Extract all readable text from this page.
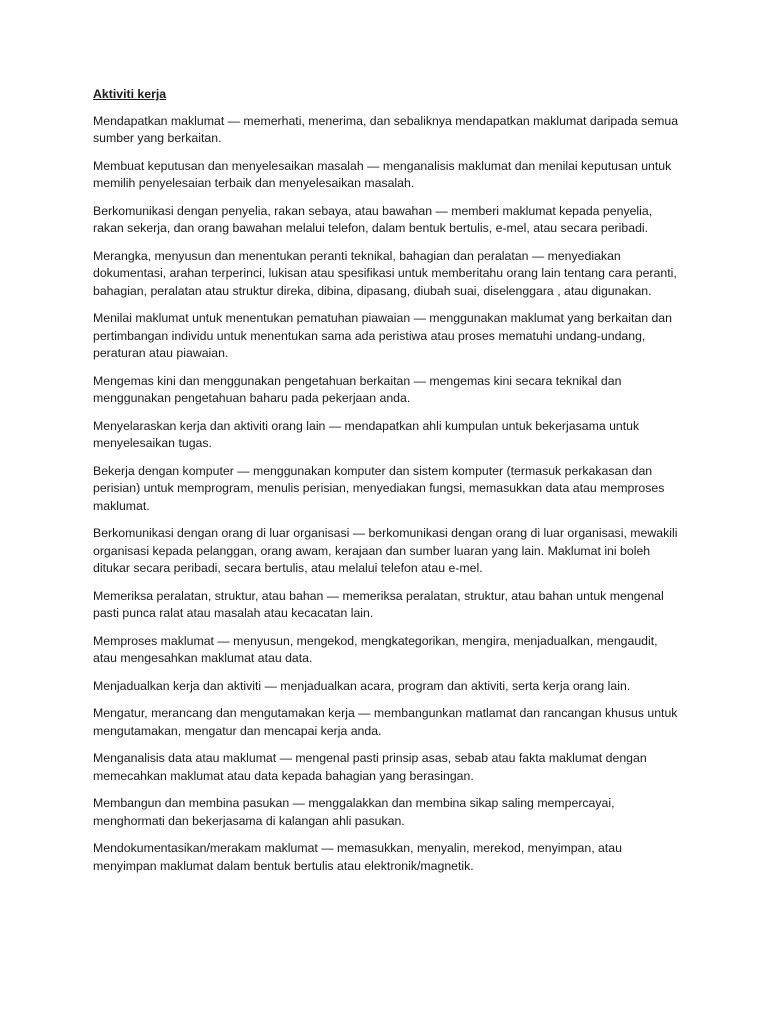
Aktiviti kerja

Mendapatkan maklumat — memerhati, menerima, dan sebaliknya mendapatkan maklumat daripada semua sumber yang berkaitan.

Membuat keputusan dan menyelesaikan masalah — menganalisis maklumat dan menilai keputusan untuk memilih penyelesaian terbaik dan menyelesaikan masalah.

Berkomunikasi dengan penyelia, rakan sebaya, atau bawahan — memberi maklumat kepada penyelia, rakan sekerja, dan orang bawahan melalui telefon, dalam bentuk bertulis, e-mel, atau secara peribadi.

Merangka, menyusun dan menentukan peranti teknikal, bahagian dan peralatan — menyediakan dokumentasi, arahan terperinci, lukisan atau spesifikasi untuk memberitahu orang lain tentang cara peranti, bahagian, peralatan atau struktur direka, dibina, dipasang, diubah suai, diselenggara , atau digunakan.

Menilai maklumat untuk menentukan pematuhan piawaian — menggunakan maklumat yang berkaitan dan pertimbangan individu untuk menentukan sama ada peristiwa atau proses mematuhi undang-undang, peraturan atau piawaian.

Mengemas kini dan menggunakan pengetahuan berkaitan — mengemas kini secara teknikal dan menggunakan pengetahuan baharu pada pekerjaan anda.

Menyelaraskan kerja dan aktiviti orang lain — mendapatkan ahli kumpulan untuk bekerjasama untuk menyelesaikan tugas.

Bekerja dengan komputer — menggunakan komputer dan sistem komputer (termasuk perkakasan dan perisian) untuk memprogram, menulis perisian, menyediakan fungsi, memasukkan data atau memproses maklumat.

Berkomunikasi dengan orang di luar organisasi — berkomunikasi dengan orang di luar organisasi, mewakili organisasi kepada pelanggan, orang awam, kerajaan dan sumber luaran yang lain. Maklumat ini boleh ditukar secara peribadi, secara bertulis, atau melalui telefon atau e-mel.

Memeriksa peralatan, struktur, atau bahan — memeriksa peralatan, struktur, atau bahan untuk mengenal pasti punca ralat atau masalah atau kecacatan lain.

Memproses maklumat — menyusun, mengekod, mengkategorikan, mengira, menjadualkan, mengaudit, atau mengesahkan maklumat atau data.

Menjadualkan kerja dan aktiviti — menjadualkan acara, program dan aktiviti, serta kerja orang lain.

Mengatur, merancang dan mengutamakan kerja — membangunkan matlamat dan rancangan khusus untuk mengutamakan, mengatur dan mencapai kerja anda.

Menganalisis data atau maklumat — mengenal pasti prinsip asas, sebab atau fakta maklumat dengan memecahkan maklumat atau data kepada bahagian yang berasingan.

Membangun dan membina pasukan — menggalakkan dan membina sikap saling mempercayai, menghormati dan bekerjasama di kalangan ahli pasukan.

Mendokumentasikan/merakam maklumat — memasukkan, menyalin, merekod, menyimpan, atau menyimpan maklumat dalam bentuk bertulis atau elektronik/magnetik.
